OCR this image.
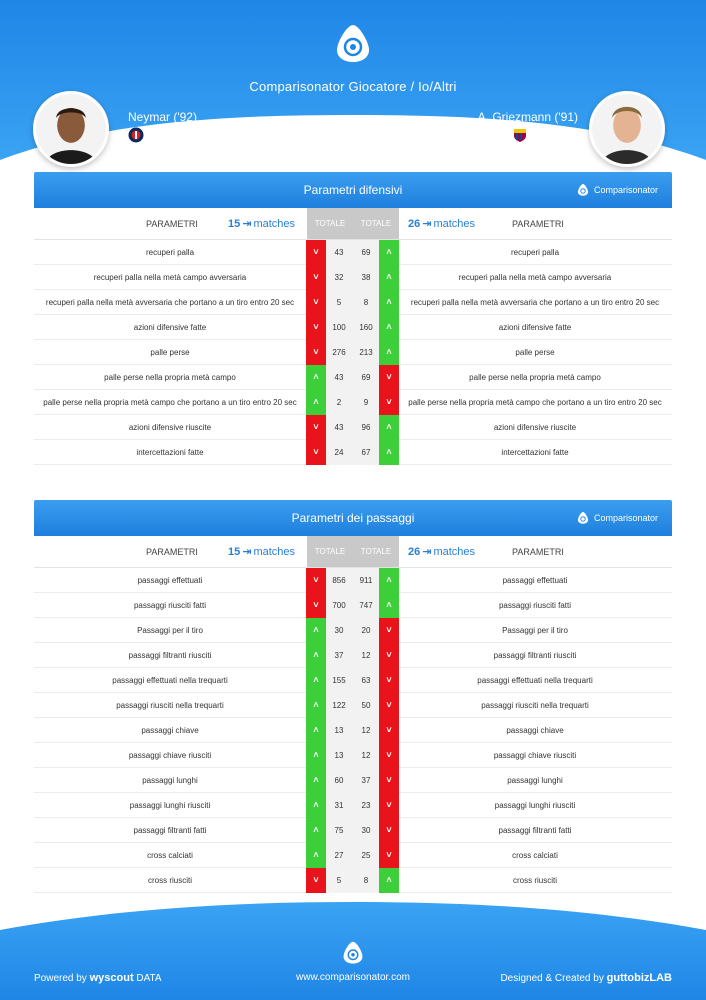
Comparisonator Giocatore / Io/Altri
Neymar ('92)
PSG
A. Griezmann ('91)
Barcelona
Parametri difensivi	Comparisonator
PARAMETRI	15 ⇥ matches	TOTALE	TOTALE	26 ⇥ matches	PARAMETRI
recuperi palla	˅	43	69	˄	recuperi palla
recuperi palla nella metà campo avversaria	˅	32	38	˄	recuperi palla nella metà campo avversaria
recuperi palla nella metà avversaria che portano a un tiro entro 20 sec	˅	5	8	˄	recuperi palla nella metà avversaria che portano a un tiro entro 20 sec
azioni difensive fatte	˅	100	160	˄	azioni difensive fatte
palle perse	˅	276	213	˄	palle perse
palle perse nella propria metà campo	˄	43	69	˅	palle perse nella propria metà campo
palle perse nella propria metà campo che portano a un tiro entro 20 sec	˄	2	9	˅	palle perse nella propria metà campo che portano a un tiro entro 20 sec
azioni difensive riuscite	˅	43	96	˄	azioni difensive riuscite
intercettazioni fatte	˅	24	67	˄	intercettazioni fatte
Parametri dei passaggi	Comparisonator
PARAMETRI	15 ⇥ matches	TOTALE	TOTALE	26 ⇥ matches	PARAMETRI
passaggi effettuati	˅	856	911	˄	passaggi effettuati
passaggi riusciti fatti	˅	700	747	˄	passaggi riusciti fatti
Passaggi per il tiro	˄	30	20	˅	Passaggi per il tiro
passaggi filtranti riusciti	˄	37	12	˅	passaggi filtranti riusciti
passaggi effettuati nella trequarti	˄	155	63	˅	passaggi effettuati nella trequarti
passaggi riusciti nella trequarti	˄	122	50	˅	passaggi riusciti nella trequarti
passaggi chiave	˄	13	12	˅	passaggi chiave
passaggi chiave riusciti	˄	13	12	˅	passaggi chiave riusciti
passaggi lunghi	˄	60	37	˅	passaggi lunghi
passaggi lunghi riusciti	˄	31	23	˅	passaggi lunghi riusciti
passaggi filtranti fatti	˄	75	30	˅	passaggi filtranti fatti
cross calciati	˄	27	25	˅	cross calciati
cross riusciti	˅	5	8	˄	cross riusciti
Powered by wyscout DATA	www.comparisonator.com	Designed & Created by guttobizLAB
